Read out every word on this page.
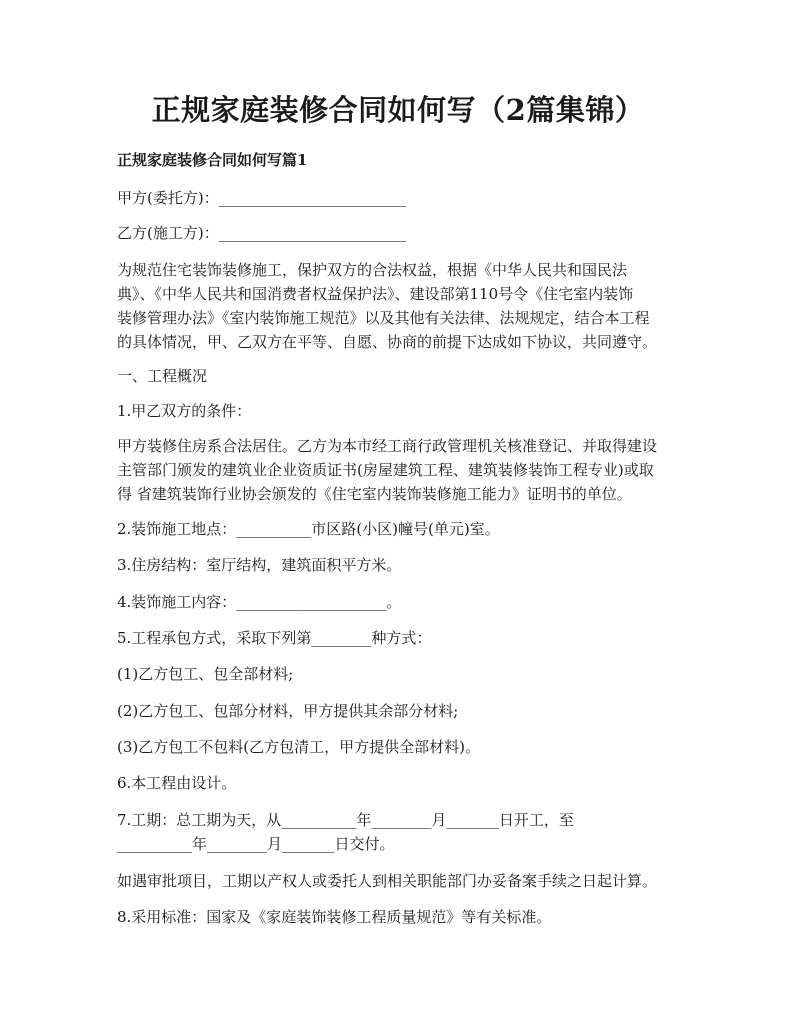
正规家庭装修合同如何写（2篇集锦）
正规家庭装修合同如何写篇1
甲方(委托方)：_________________________
乙方(施工方)：_________________________
为规范住宅装饰装修施工，保护双方的合法权益，根据《中华人民共和国民法
典》、《中华人民共和国消费者权益保护法》、建设部第110号令《住宅室内装饰
装修管理办法》《室内装饰施工规范》以及其他有关法律、法规规定，结合本工程
的具体情况，甲、乙双方在平等、自愿、协商的前提下达成如下协议，共同遵守。
一、工程概况
1.甲乙双方的条件：
甲方装修住房系合法居住。乙方为本市经工商行政管理机关核准登记、并取得建设
主管部门颁发的建筑业企业资质证书(房屋建筑工程、建筑装修装饰工程专业)或取
得 省建筑装饰行业协会颁发的《住宅室内装饰装修施工能力》证明书的单位。
2.装饰施工地点：__________市区路(小区)幢号(单元)室。
3.住房结构：室厅结构，建筑面积平方米。
4.装饰施工内容：____________________。
5.工程承包方式，采取下列第________种方式：
(1)乙方包工、包全部材料;
(2)乙方包工、包部分材料，甲方提供其余部分材料;
(3)乙方包工不包料(乙方包清工，甲方提供全部材料)。
6.本工程由设计。
7.工期：总工期为天，从__________年________月_______日开工，至
__________年________月_______日交付。
如遇审批项目，工期以产权人或委托人到相关职能部门办妥备案手续之日起计算。
8.采用标准：国家及《家庭装饰装修工程质量规范》等有关标准。
